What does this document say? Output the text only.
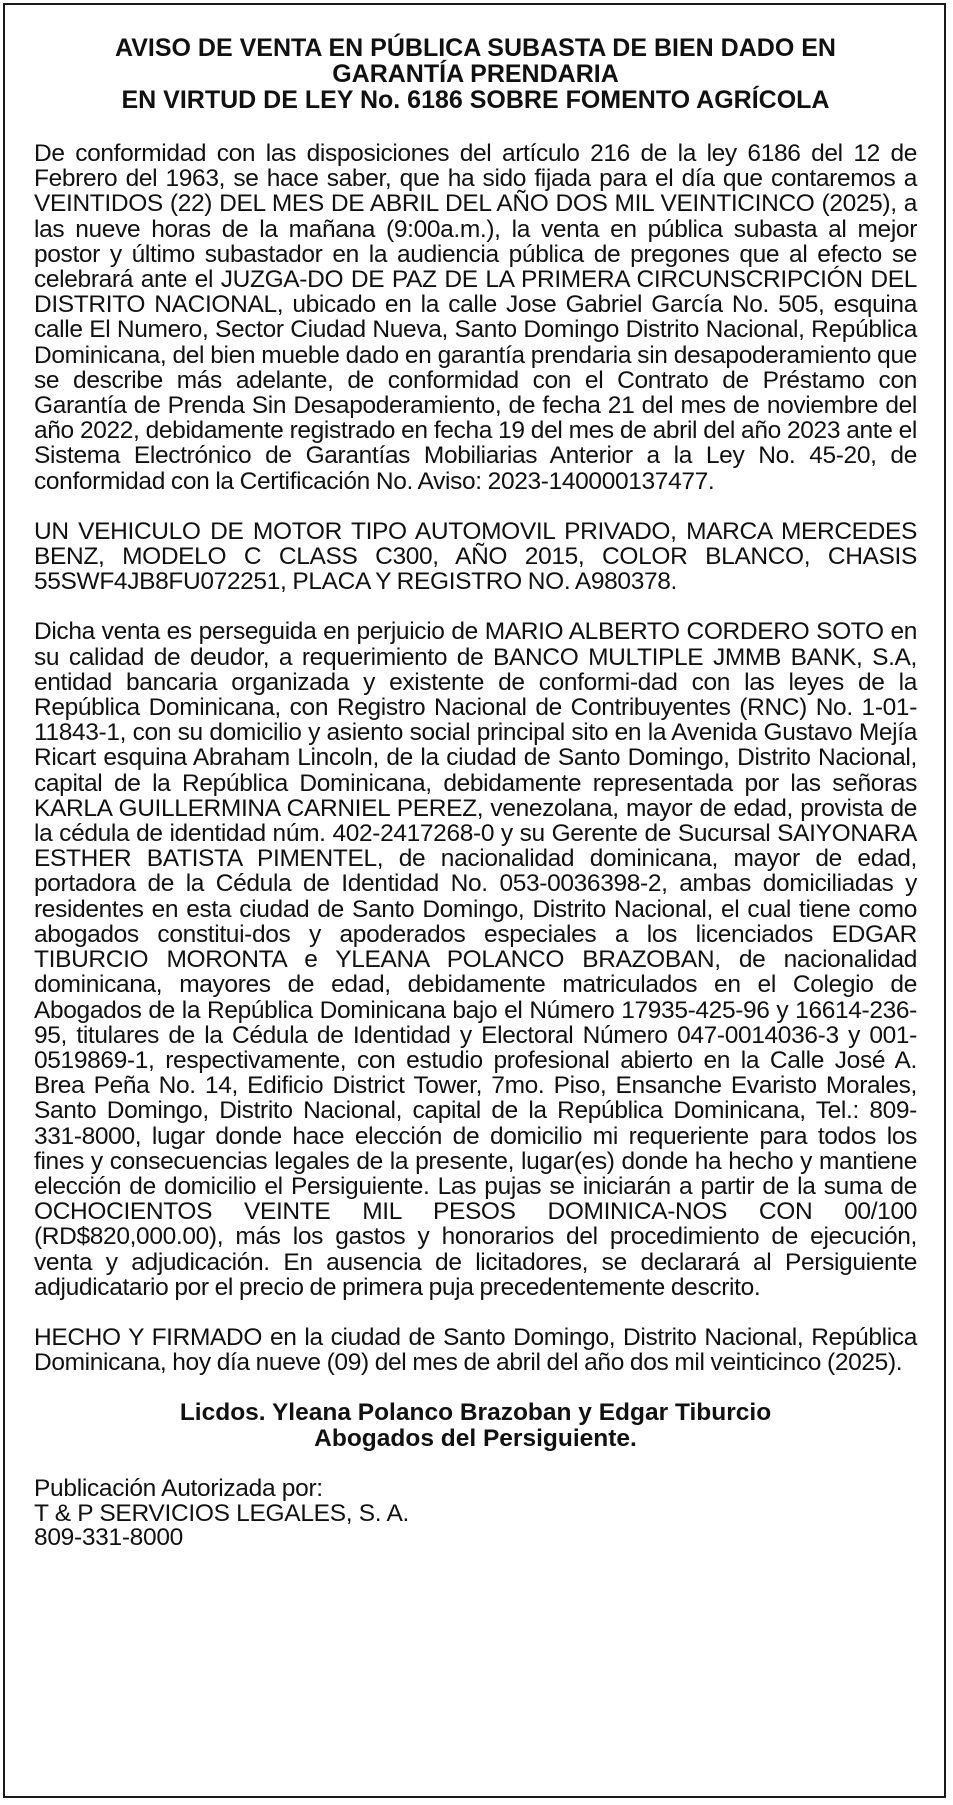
AVISO DE VENTA EN PÚBLICA SUBASTA DE BIEN DADO EN
GARANTÍA PRENDARIA
EN VIRTUD DE LEY No. 6186 SOBRE FOMENTO AGRÍCOLA

De conformidad con las disposiciones del artículo 216 de la ley 6186 del 12 de Febrero del 1963, se hace saber, que ha sido fijada para el día que contaremos a VEINTIDOS (22) DEL MES DE ABRIL DEL AÑO DOS MIL VEINTICINCO (2025), a las nueve horas de la mañana (9:00a.m.), la venta en pública subasta al mejor postor y último subastador en la audiencia pública de pregones que al efecto se celebrará ante el JUZGA-DO DE PAZ DE LA PRIMERA CIRCUNSCRIPCIÓN DEL DISTRITO NACIONAL, ubicado en la calle Jose Gabriel García No. 505, esquina calle El Numero, Sector Ciudad Nueva, Santo Domingo Distrito Nacional, República Dominicana, del bien mueble dado en garantía prendaria sin desapoderamiento que se describe más adelante, de conformidad con el Contrato de Préstamo con Garantía de Prenda Sin Desapoderamiento, de fecha 21 del mes de noviembre del año 2022, debidamente registrado en fecha 19 del mes de abril del año 2023 ante el Sistema Electrónico de Garantías Mobiliarias Anterior a la Ley No. 45-20, de conformidad con la Certificación No. Aviso: 2023-140000137477.

UN VEHICULO DE MOTOR TIPO AUTOMOVIL PRIVADO, MARCA MERCEDES BENZ, MODELO C CLASS C300, AÑO 2015, COLOR BLANCO, CHASIS 55SWF4JB8FU072251, PLACA Y REGISTRO NO. A980378.

Dicha venta es perseguida en perjuicio de MARIO ALBERTO CORDERO SOTO en su calidad de deudor, a requerimiento de BANCO MULTIPLE JMMB BANK, S.A, entidad bancaria organizada y existente de conformi-dad con las leyes de la República Dominicana, con Registro Nacional de Contribuyentes (RNC) No. 1-01-11843-1, con su domicilio y asiento social principal sito en la Avenida Gustavo Mejía Ricart esquina Abraham Lincoln, de la ciudad de Santo Domingo, Distrito Nacional, capital de la República Dominicana, debidamente representada por las señoras KARLA GUILLERMINA CARNIEL PEREZ, venezolana, mayor de edad, provista de la cédula de identidad núm. 402-2417268-0 y su Gerente de Sucursal SAIYONARA ESTHER BATISTA PIMENTEL, de nacionalidad dominicana, mayor de edad, portadora de la Cédula de Identidad No. 053-0036398-2, ambas domiciliadas y residentes en esta ciudad de Santo Domingo, Distrito Nacional, el cual tiene como abogados constitui-dos y apoderados especiales a los licenciados EDGAR TIBURCIO MORONTA e YLEANA POLANCO BRAZOBAN, de nacionalidad dominicana, mayores de edad, debidamente matriculados en el Colegio de Abogados de la República Dominicana bajo el Número 17935-425-96 y 16614-236-95, titulares de la Cédula de Identidad y Electoral Número 047-0014036-3 y 001-0519869-1, respectivamente, con estudio profesional abierto en la Calle José A. Brea Peña No. 14, Edificio District Tower, 7mo. Piso, Ensanche Evaristo Morales, Santo Domingo, Distrito Nacional, capital de la República Dominicana, Tel.: 809-331-8000, lugar donde hace elección de domicilio mi requeriente para todos los fines y consecuencias legales de la presente, lugar(es) donde ha hecho y mantiene elección de domicilio el Persiguiente. Las pujas se iniciarán a partir de la suma de OCHOCIENTOS VEINTE MIL PESOS DOMINICA-NOS CON 00/100 (RD$820,000.00), más los gastos y honorarios del procedimiento de ejecución, venta y adjudicación. En ausencia de licitadores, se declarará al Persiguiente adjudicatario por el precio de primera puja precedentemente descrito.

HECHO Y FIRMADO en la ciudad de Santo Domingo, Distrito Nacional, República Dominicana, hoy día nueve (09) del mes de abril del año dos mil veinticinco (2025).

Licdos. Yleana Polanco Brazoban y Edgar Tiburcio
Abogados del Persiguiente.
Publicación Autorizada por:
T & P SERVICIOS LEGALES, S. A.
809-331-8000
